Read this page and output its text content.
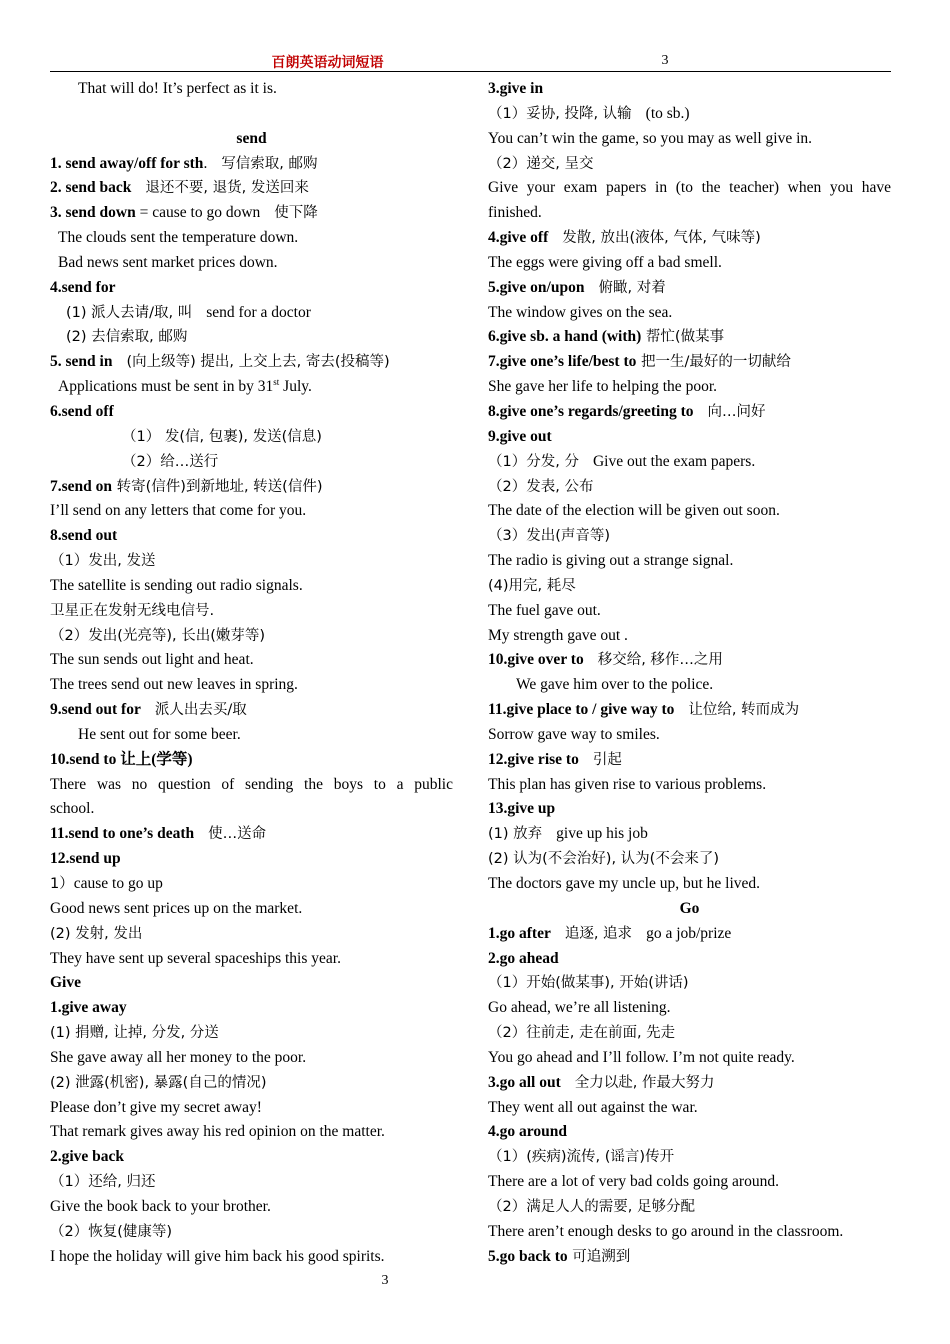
百朗英语动词短语	3
That will do! It’s perfect as it is.
send
1. send away/off for sth. 写信索取, 邮购
2. send back 退还不要, 退货, 发送回来
3. send down = cause to go down 使下降
The clouds sent the temperature down.
Bad news sent market prices down.
4.send for
(1) 派人去请/取, 叫 send for a doctor
(2) 去信索取, 邮购
5. send in (向上级等) 提出, 上交上去, 寄去(投稿等)
Applications must be sent in by 31st July.
6.send off
（1） 发(信, 包裹), 发送(信息)
（2）给…送行
7.send on 转寄(信件)到新地址, 转送(信件)
I’ll send on any letters that come for you.
8.send out
（1）发出, 发送
The satellite is sending out radio signals.
卫星正在发射无线电信号.
（2）发出(光亮等), 长出(嫩芽等)
The sun sends out light and heat.
The trees send out new leaves in spring.
9.send out for 派人出去买/取
He sent out for some beer.
10.send to 让上(学等)
There was no question of sending the boys to a public
school.
11.send to one’s death 使…送命
12.send up
1）cause to go up
Good news sent prices up on the market.
(2) 发射, 发出
They have sent up several spaceships this year.
Give
1.give away
(1) 捐赠, 让掉, 分发, 分送
She gave away all her money to the poor.
(2) 泄露(机密), 暴露(自己的情况)
Please don’t give my secret away!
That remark gives away his red opinion on the matter.
2.give back
（1）还给, 归还
Give the book back to your brother.
（2）恢复(健康等)
I hope the holiday will give him back his good spirits.
3.give in
（1）妥协, 投降, 认输 (to sb.)
You can’t win the game, so you may as well give in.
（2）递交, 呈交
Give your exam papers in (to the teacher) when you have
finished.
4.give off 发散, 放出(液体, 气体, 气味等)
The eggs were giving off a bad smell.
5.give on/upon 俯瞰, 对着
The window gives on the sea.
6.give sb. a hand (with) 帮忙(做某事
7.give one’s life/best to 把一生/最好的一切献给
She gave her life to helping the poor.
8.give one’s regards/greeting to 向…问好
9.give out
（1）分发, 分 Give out the exam papers.
（2）发表, 公布
The date of the election will be given out soon.
（3）发出(声音等)
The radio is giving out a strange signal.
(4)用完, 耗尽
The fuel gave out.
My strength gave out .
10.give over to 移交给, 移作…之用
We gave him over to the police.
11.give place to / give way to 让位给, 转而成为
Sorrow gave way to smiles.
12.give rise to 引起
This plan has given rise to various problems.
13.give up
(1) 放弃 give up his job
(2) 认为(不会治好), 认为(不会来了)
The doctors gave my uncle up, but he lived.
Go
1.go after 追逐, 追求 go a job/prize
2.go ahead
（1）开始(做某事), 开始(讲话)
Go ahead, we’re all listening.
（2）往前走, 走在前面, 先走
You go ahead and I’ll follow. I’m not quite ready.
3.go all out 全力以赴, 作最大努力
They went all out against the war.
4.go around
（1）(疾病)流传, (谣言)传开
There are a lot of very bad colds going around.
（2）满足人人的需要, 足够分配
There aren’t enough desks to go around in the classroom.
5.go back to 可追溯到
3
